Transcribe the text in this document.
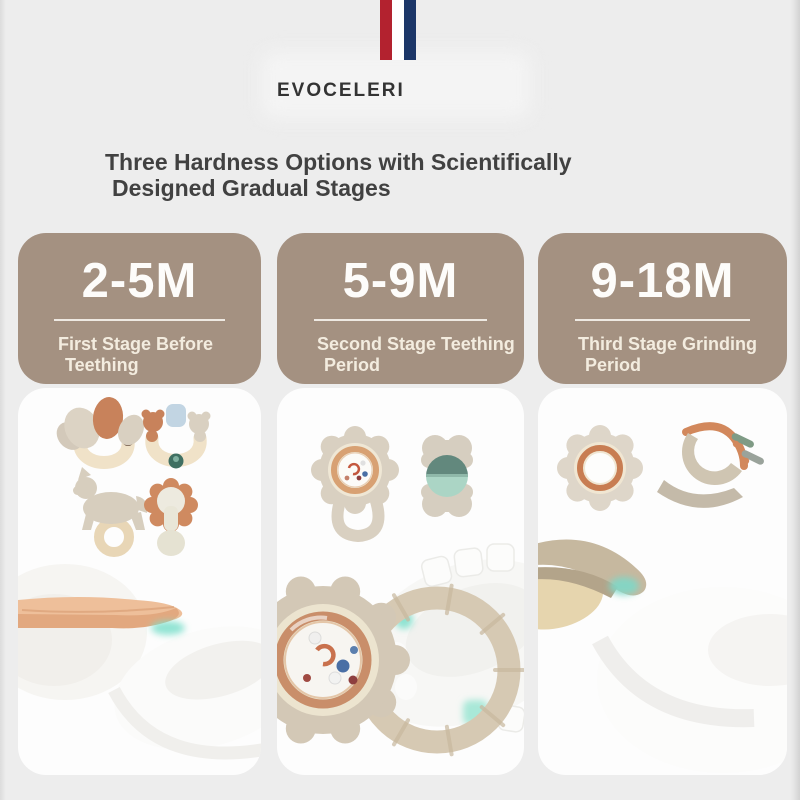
EVOCELERI
Three Hardness Options with Scientifically
Designed Gradual Stages
2-5M
First Stage Before
Teething
5-9M
Second Stage Teething
Period
9-18M
Third Stage Grinding
Period
